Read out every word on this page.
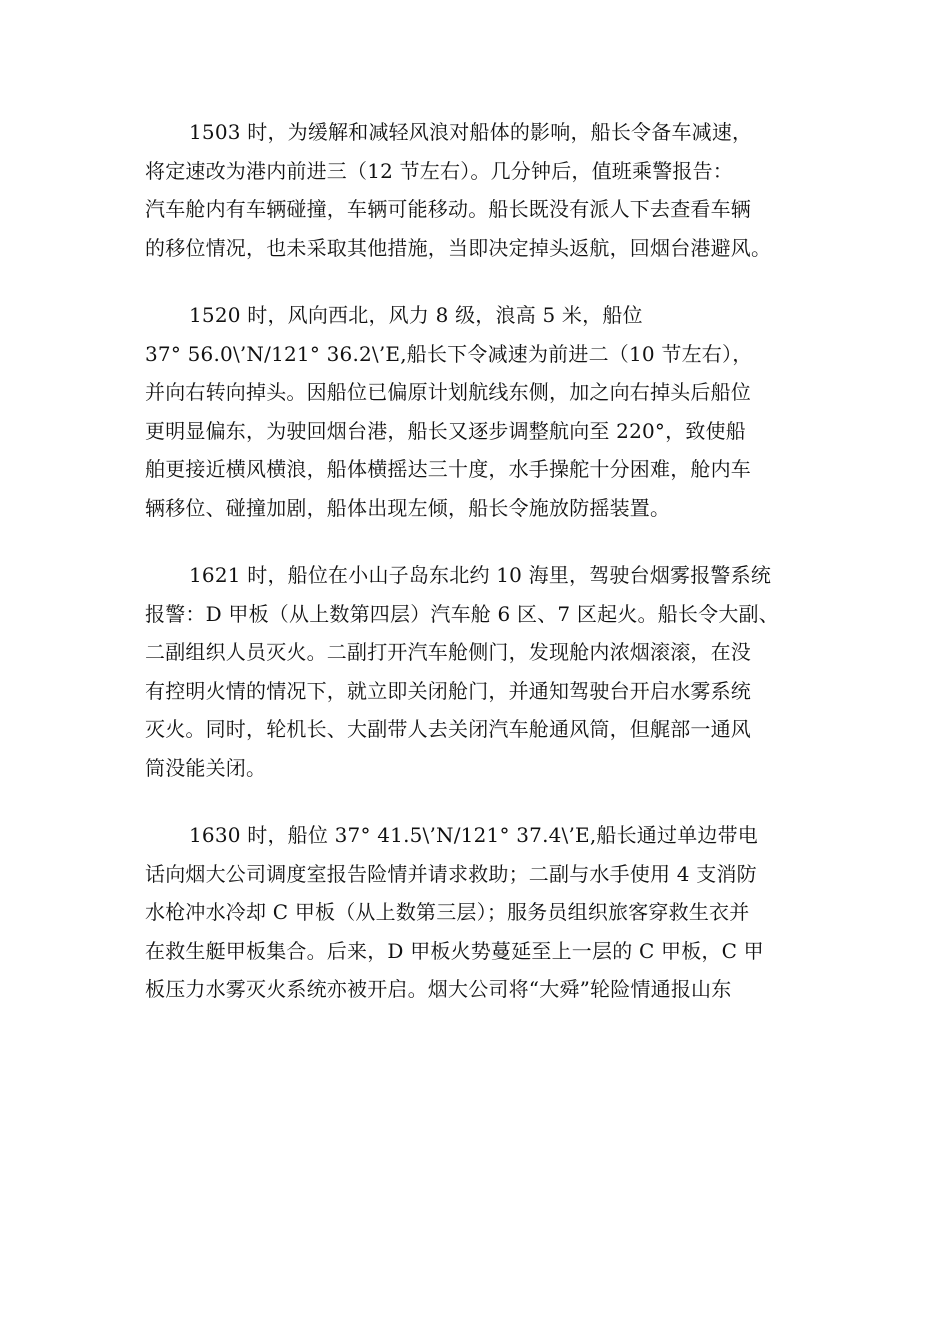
1503 时，为缓解和减轻风浪对船体的影响，船长令备车减速，
将定速改为港内前进三（12 节左右）。几分钟后，值班乘警报告：
汽车舱内有车辆碰撞，车辆可能移动。船长既没有派人下去查看车辆
的移位情况，也未采取其他措施，当即决定掉头返航，回烟台港避风。

1520 时，风向西北，风力 8 级，浪高 5 米，船位
37° 56.0\’N/121° 36.2\’E,船长下令减速为前进二（10 节左右），
并向右转向掉头。因船位已偏原计划航线东侧，加之向右掉头后船位
更明显偏东，为驶回烟台港，船长又逐步调整航向至 220°，致使船
舶更接近横风横浪，船体横摇达三十度，水手操舵十分困难，舱内车
辆移位、碰撞加剧，船体出现左倾，船长令施放防摇装置。

1621 时，船位在小山子岛东北约 10 海里，驾驶台烟雾报警系统
报警：D 甲板（从上数第四层）汽车舱 6 区、7 区起火。船长令大副、
二副组织人员灭火。二副打开汽车舱侧门，发现舱内浓烟滚滚，在没
有控明火情的情况下，就立即关闭舱门，并通知驾驶台开启水雾系统
灭火。同时，轮机长、大副带人去关闭汽车舱通风筒，但艉部一通风
筒没能关闭。

1630 时，船位 37° 41.5\’N/121° 37.4\’E,船长通过单边带电
话向烟大公司调度室报告险情并请求救助；二副与水手使用 4 支消防
水枪冲水冷却 C 甲板（从上数第三层）；服务员组织旅客穿救生衣并
在救生艇甲板集合。后来，D 甲板火势蔓延至上一层的 C 甲板，C 甲
板压力水雾灭火系统亦被开启。烟大公司将“大舜”轮险情通报山东
